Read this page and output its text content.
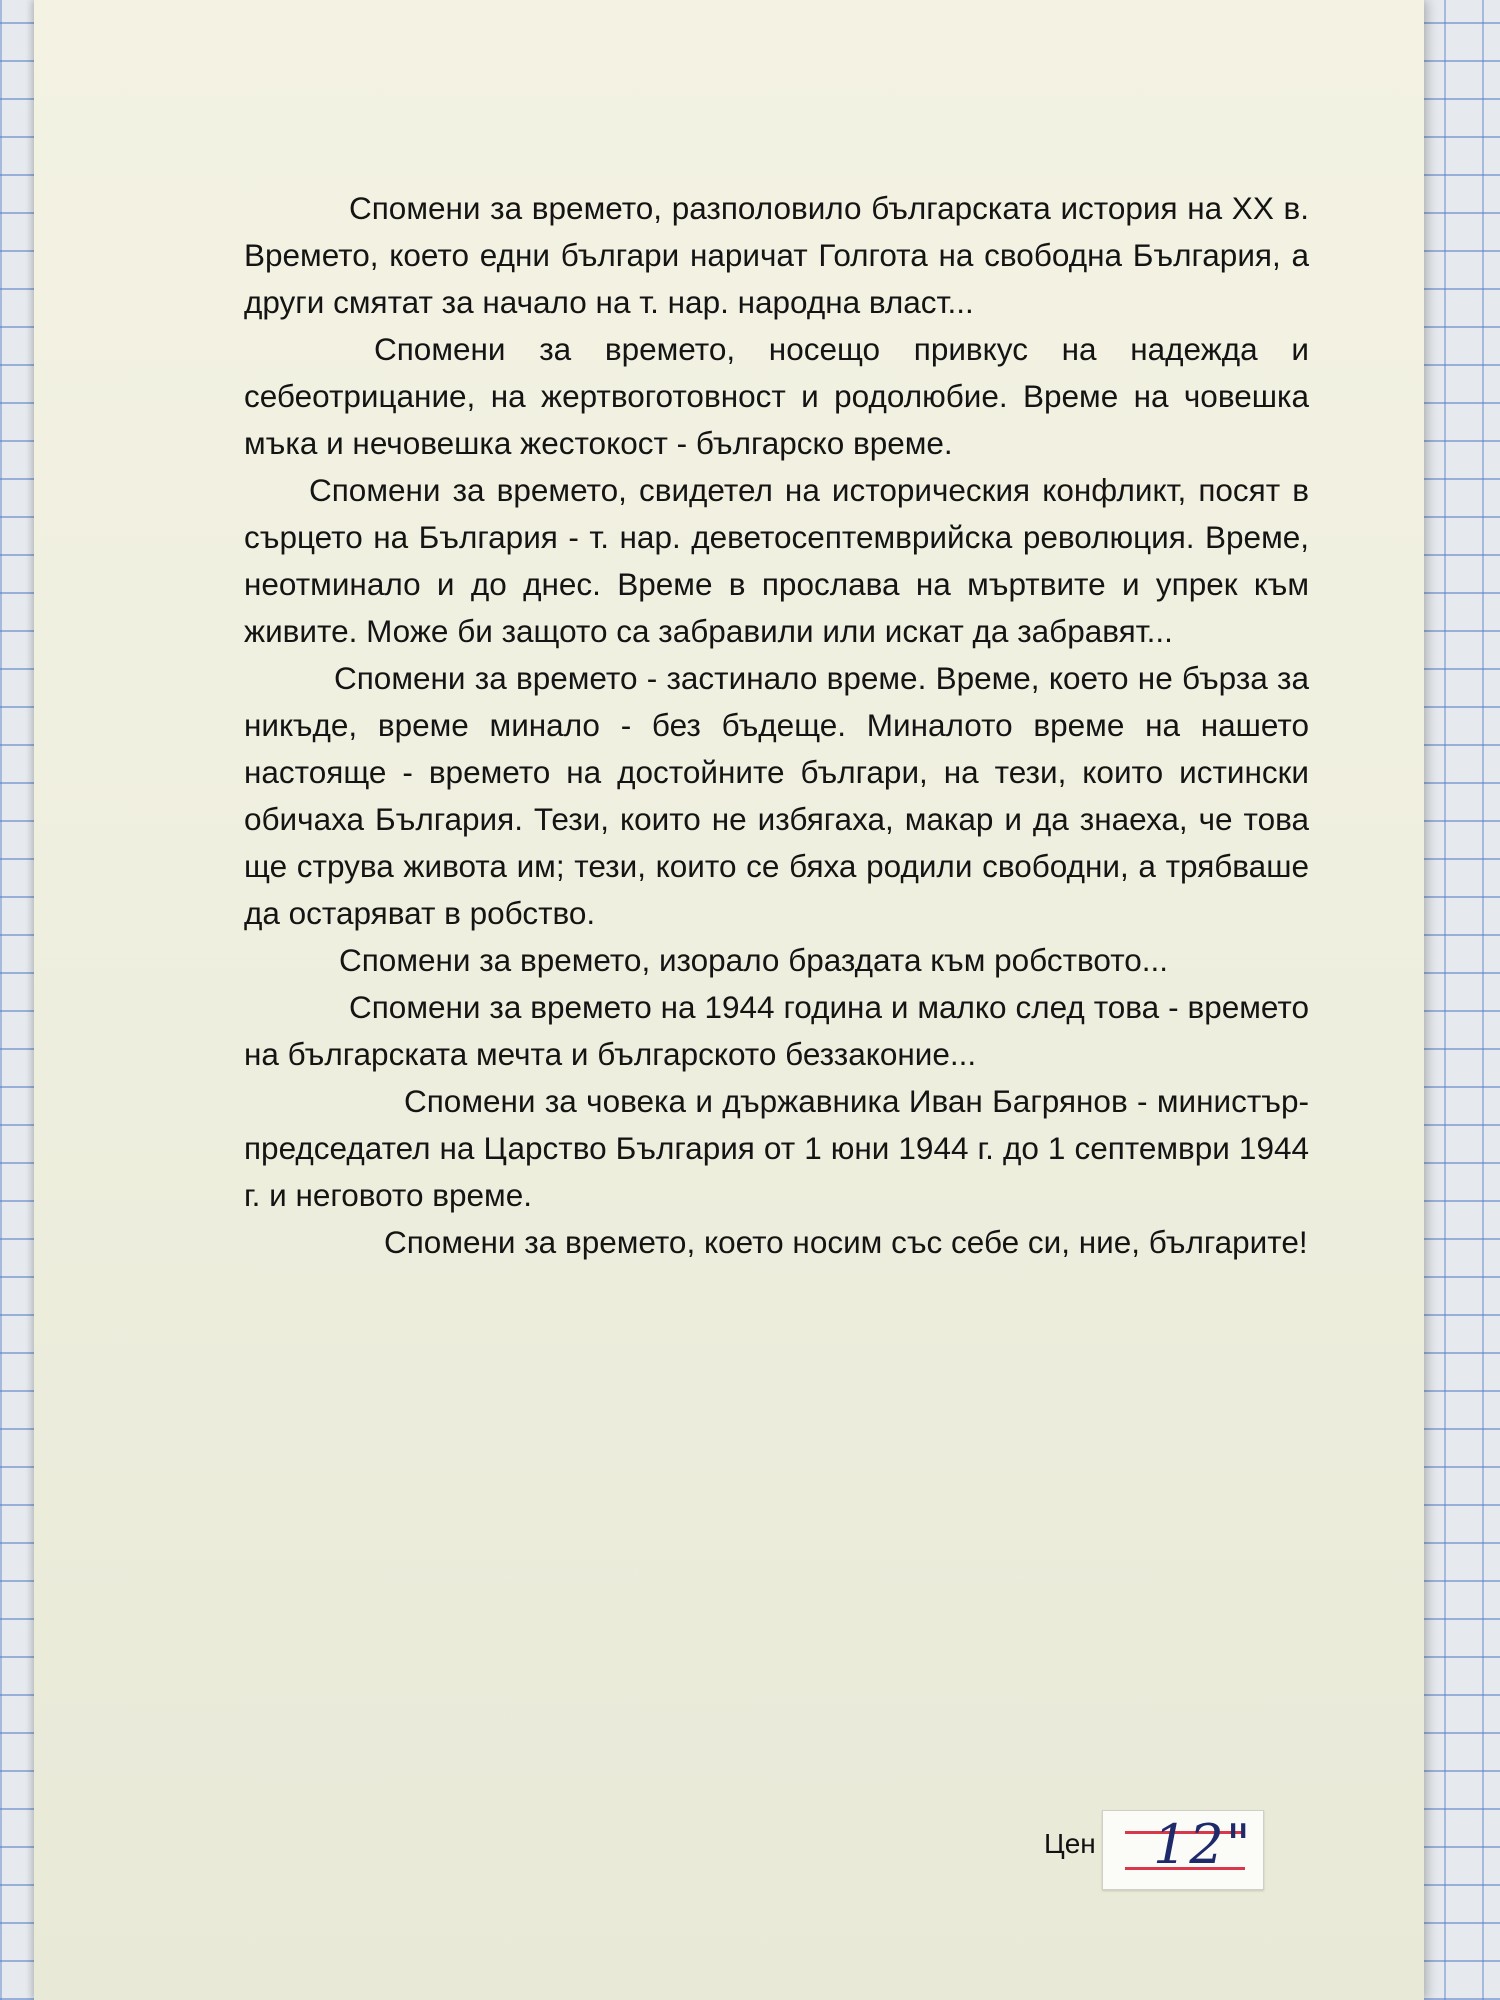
Спомени за времето, разполовило българската история на XX в. Времето, което едни българи наричат Голгота на свободна България, а други смятат за начало на т. нар. народна власт...

Спомени за времето, носещо привкус на надежда и себеотрицание, на жертвоготовност и родолюбие. Време на човешка мъка и нечовешка жестокост - българско време.

Спомени за времето, свидетел на историческия конфликт, посят в сърцето на България - т. нар. деветосептемврийска революция. Време, неотминало и до днес. Време в прослава на мъртвите и упрек към живите. Може би защото са забравили или искат да забравят...

Спомени за времето - застинало време. Време, което не бърза за никъде, време минало - без бъдеще. Миналото време на нашето настояще - времето на достойните българи, на тези, които истински обичаха България. Тези, които не избягаха, макар и да знаеха, че това ще струва живота им; тези, които се бяха родили свободни, а трябваше да остаряват в робство.

Спомени за времето, изорало браздата към робството...

Спомени за времето на 1944 година и малко след това - времето на българската мечта и българското беззаконие...

Спомени за човека и държавника Иван Багрянов - министър-председател на Царство България от 1 юни 1944 г. до 1 септември 1944 г. и неговото време.

Спомени за времето, което носим със себе си, ние, българите!

Цен 12"
